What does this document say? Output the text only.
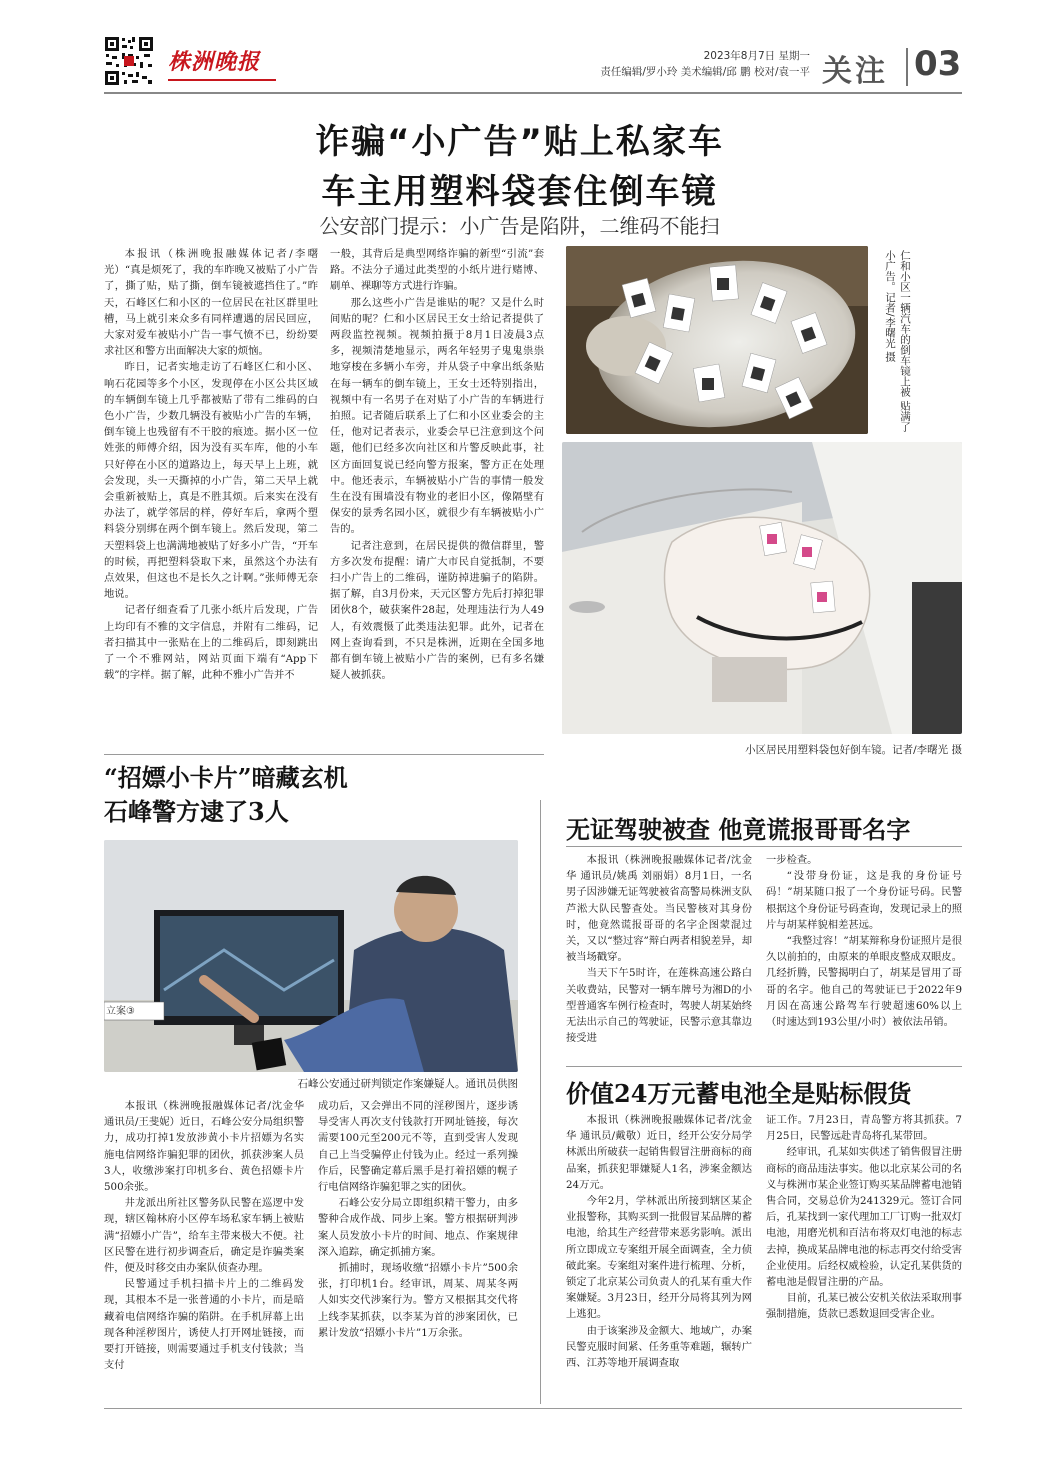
株洲晚报	2023年8月7日 星期一
责任编辑/罗小玲 美术编辑/邱 鹏 校对/袁一平 关注 03
诈骗“小广告”贴上私家车
车主用塑料袋套住倒车镜
公安部门提示：小广告是陷阱，二维码不能扫

本报讯（株洲晚报融媒体记者/李曙光）“真是烦死了，我的车昨晚又被贴了小广告了，撕了贴，贴了撕，倒车镜被遮挡住了。”昨天，石峰区仁和小区的一位居民在社区群里吐槽，马上就引来众多有同样遭遇的居民回应，大家对爱车被贴小广告一事气愤不已，纷纷要求社区和警方出面解决大家的烦恼。

昨日，记者实地走访了石峰区仁和小区、响石花园等多个小区，发现停在小区公共区域的车辆倒车镜上几乎都被贴了带有二维码的白色小广告，少数几辆没有被贴小广告的车辆，倒车镜上也残留有不干胶的痕迹。据小区一位姓张的师傅介绍，因为没有买车库，他的小车只好停在小区的道路边上，每天早上上班，就会发现，头一天撕掉的小广告，第二天早上就会重新被贴上，真是不胜其烦。后来实在没有办法了，就学邻居的样，停好车后，拿两个塑料袋分别绑在两个倒车镜上。然后发现，第二天塑料袋上也满满地被贴了好多小广告，“开车的时候，再把塑料袋取下来，虽然这个办法有点效果，但这也不是长久之计啊。”张师傅无奈地说。

记者仔细查看了几张小纸片后发现，广告上均印有不雅的文字信息，并附有二维码，记者扫描其中一张贴在上的二维码后，即刻跳出了一个不雅网站，网站页面下端有“App下载”的字样。据了解，此种不雅小广告并不

一般，其背后是典型网络诈骗的新型“引流”套路。不法分子通过此类型的小纸片进行赌博、刷单、裸聊等方式进行诈骗。

那么这些小广告是谁贴的呢？又是什么时间贴的呢？仁和小区居民王女士给记者提供了两段监控视频。视频拍摄于8月1日凌晨3点多，视频清楚地显示，两名年轻男子鬼鬼祟祟地穿梭在多辆小车旁，并从袋子中拿出纸条贴在每一辆车的倒车镜上，王女士还特别指出，视频中有一名男子在对贴了小广告的车辆进行拍照。记者随后联系上了仁和小区业委会的主任，他对记者表示，业委会早已注意到这个问题，他们已经多次向社区和片警反映此事，社区方面回复说已经向警方报案，警方正在处理中。他还表示，车辆被贴小广告的事情一般发生在没有围墙没有物业的老旧小区，像隔壁有保安的景秀名园小区，就很少有车辆被贴小广告的。

记者注意到，在居民提供的微信群里，警方多次发布提醒：请广大市民自觉抵制，不要扫小广告上的二维码，谨防掉进骗子的陷阱。据了解，自3月份来，天元区警方先后打掉犯罪团伙8个，破获案件28起，处理违法行为人49人，有效震慑了此类违法犯罪。此外，记者在网上查询看到，不只是株洲，近期在全国多地都有倒车镜上被贴小广告的案例，已有多名嫌疑人被抓获。

仁和小区一辆汽车的倒车镜上被 贴满了小广告。记者/李曙光 摄
小区居民用塑料袋包好倒车镜。记者/李曙光 摄
“招嫖小卡片”暗藏玄机
石峰警方逮了3人
立案③
石峰公安通过研判锁定作案嫌疑人。通讯员供图

本报讯（株洲晚报融媒体记者/沈金华 通讯员/王斐妮）近日，石峰公安分局组织警力，成功打掉1发放涉黄小卡片招嫖为名实施电信网络诈骗犯罪的团伙，抓获涉案人员3人，收缴涉案打印机多台、黄色招嫖卡片500余张。

井龙派出所社区警务队民警在巡逻中发现，辖区翰林府小区停车场私家车辆上被贴满“招嫖小广告”，给车主带来极大不便。社区民警在进行初步调查后，确定是诈骗类案件，便及时移交由办案队侦查办理。

民警通过手机扫描卡片上的二维码发现，其根本不是一张普通的小卡片，而是暗藏着电信网络诈骗的陷阱。在手机屏幕上出现各种淫秽图片，诱使人打开网址链接，而要打开链接，则需要通过手机支付钱款；当支付

成功后，又会弹出不同的淫秽图片，逐步诱导受害人再次支付钱款打开网址链接，每次需要100元至200元不等，直到受害人发现自己上当受骗停止付钱为止。经过一系列操作后，民警确定幕后黑手是打着招嫖的幌子行电信网络诈骗犯罪之实的团伙。

石峰公安分局立即组织精干警力，由多警种合成作战、同步上案。警方根据研判涉案人员发放小卡片的时间、地点、作案规律深入追踪，确定抓捕方案。

抓捕时，现场收缴“招嫖小卡片”500余张，打印机1台。经审讯，周某、周某冬两人如实交代涉案行为。警方又根据其交代将上线李某抓获，以李某为首的涉案团伙，已累计发放“招嫖小卡片”1万余张。

无证驾驶被查 他竟谎报哥哥名字

本报讯（株洲晚报融媒体记者/沈金华 通讯员/姚禹 刘丽娟）8月1日，一名男子因涉嫌无证驾驶被省高警局株洲支队芦淞大队民警查处。当民警核对其身份时，他竟然谎报哥哥的名字企图蒙混过关，又以“整过容”辩白两者相貌差异，却被当场戳穿。

当天下午5时许，在莲株高速公路白关收费站，民警对一辆车牌号为湘D的小型普通客车例行检查时，驾驶人胡某始终无法出示自己的驾驶证，民警示意其靠边接受进

一步检查。

“没带身份证，这是我的身份证号码！”胡某随口报了一个身份证号码。民警根据这个身份证号码查询，发现记录上的照片与胡某样貌相差甚远。

“我整过容！”胡某辩称身份证照片是很久以前拍的，由原来的单眼皮整成双眼皮。几经折腾，民警揭明白了，胡某是冒用了哥哥的名字。他自己的驾驶证已于2022年9月因在高速公路驾车行驶超速60%以上（时速达到193公里/小时）被依法吊销。

价值24万元蓄电池全是贴标假货

本报讯（株洲晚报融媒体记者/沈金华 通讯员/戴敬）近日，经开公安分局学林派出所破获一起销售假冒注册商标的商品案，抓获犯罪嫌疑人1名，涉案金额达24万元。

今年2月，学林派出所接到辖区某企业报警称，其购买到一批假冒某品牌的蓄电池，给其生产经营带来恶劣影响。派出所立即成立专案组开展全面调查，全力侦破此案。专案组对案件进行梳理、分析，锁定了北京某公司负责人的孔某有重大作案嫌疑。3月23日，经开分局将其列为网上逃犯。

由于该案涉及金额大、地域广，办案民警克服时间紧、任务重等难题，辗转广西、江苏等地开展调查取

证工作。7月23日，青岛警方将其抓获。7月25日，民警远赴青岛将孔某带回。

经审讯，孔某如实供述了销售假冒注册商标的商品违法事实。他以北京某公司的名义与株洲市某企业签订购买某品牌蓄电池销售合同，交易总价为241329元。签订合同后，孔某找到一家代理加工厂订购一批双灯电池，用磨光机和百洁布将双灯电池的标志去掉，换成某品牌电池的标志再交付给受害企业使用。后经权威检验，认定孔某供货的蓄电池是假冒注册的产品。

目前，孔某已被公安机关依法采取刑事强制措施，货款已悉数退回受害企业。
